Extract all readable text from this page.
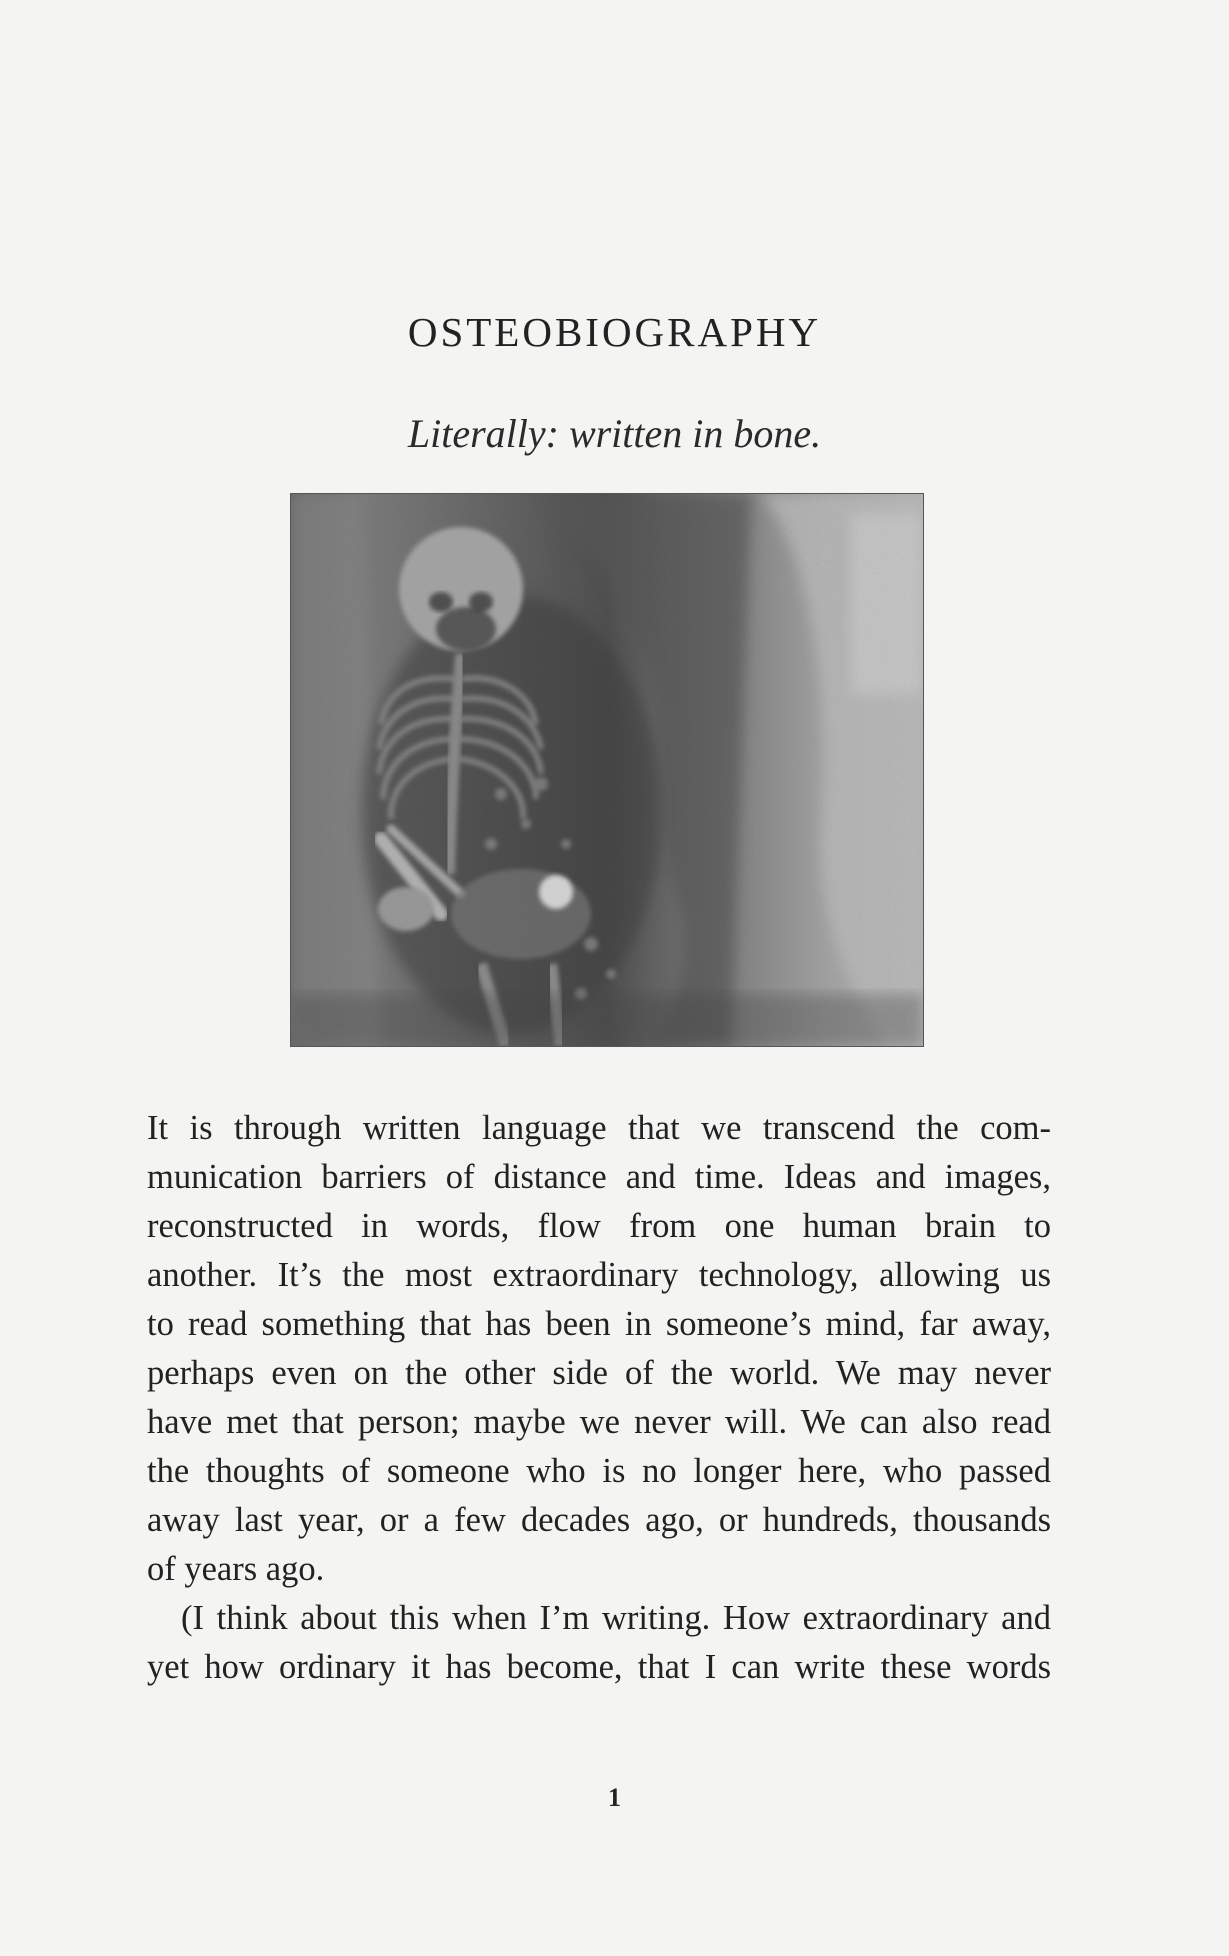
OSTEOBIOGRAPHY

Literally: written in bone.

It is through written language that we transcend the com-
munication barriers of distance and time. Ideas and images,
reconstructed in words, flow from one human brain to
another. It’s the most extraordinary technology, allowing us
to read something that has been in someone’s mind, far away,
perhaps even on the other side of the world. We may never
have met that person; maybe we never will. We can also read
the thoughts of someone who is no longer here, who passed
away last year, or a few decades ago, or hundreds, thousands
of years ago.
(I think about this when I’m writing. How extraordinary and
yet how ordinary it has become, that I can write these words
1
